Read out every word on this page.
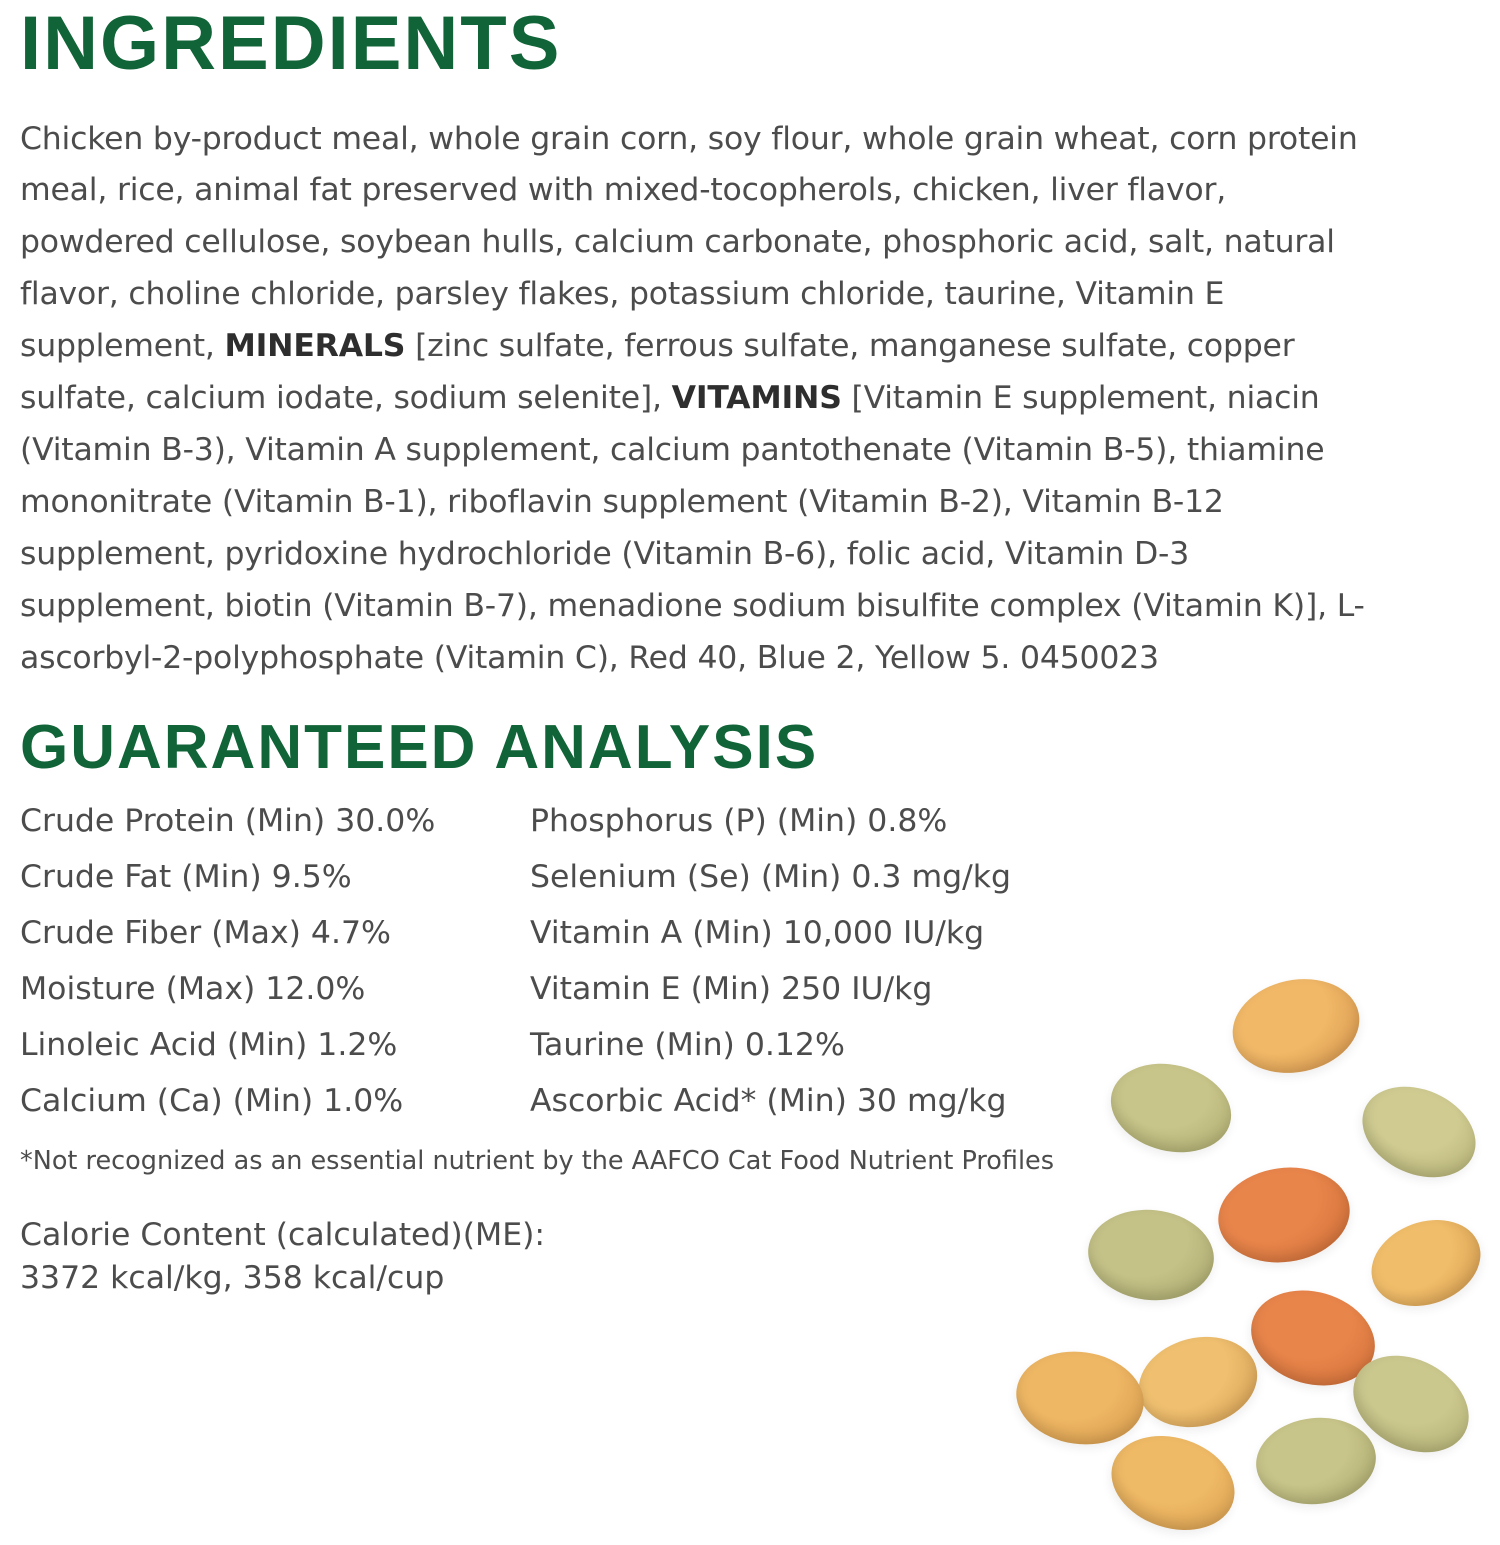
INGREDIENTS

Chicken by-product meal, whole grain corn, soy flour, whole grain wheat, corn protein meal, rice, animal fat preserved with mixed-tocopherols, chicken, liver flavor, powdered cellulose, soybean hulls, calcium carbonate, phosphoric acid, salt, natural flavor, choline chloride, parsley flakes, potassium chloride, taurine, Vitamin E supplement, MINERALS [zinc sulfate, ferrous sulfate, manganese sulfate, copper sulfate, calcium iodate, sodium selenite], VITAMINS [Vitamin E supplement, niacin (Vitamin B-3), Vitamin A supplement, calcium pantothenate (Vitamin B-5), thiamine mononitrate (Vitamin B-1), riboflavin supplement (Vitamin B-2), Vitamin B-12 supplement, pyridoxine hydrochloride (Vitamin B-6), folic acid, Vitamin D-3 supplement, biotin (Vitamin B-7), menadione sodium bisulfite complex (Vitamin K)], L-ascorbyl-2-polyphosphate (Vitamin C), Red 40, Blue 2, Yellow 5. 0450023

GUARANTEED ANALYSIS
Crude Protein (Min) 30.0%
Crude Fat (Min) 9.5%
Crude Fiber (Max) 4.7%
Moisture (Max) 12.0%
Linoleic Acid (Min) 1.2%
Calcium (Ca) (Min) 1.0%
Phosphorus (P) (Min) 0.8%
Selenium (Se) (Min) 0.3 mg/kg
Vitamin A (Min) 10,000 IU/kg
Vitamin E (Min) 250 IU/kg
Taurine (Min) 0.12%
Ascorbic Acid* (Min) 30 mg/kg
*Not recognized as an essential nutrient by the AAFCO Cat Food Nutrient Profiles
Calorie Content (calculated)(ME):
3372 kcal/kg, 358 kcal/cup
